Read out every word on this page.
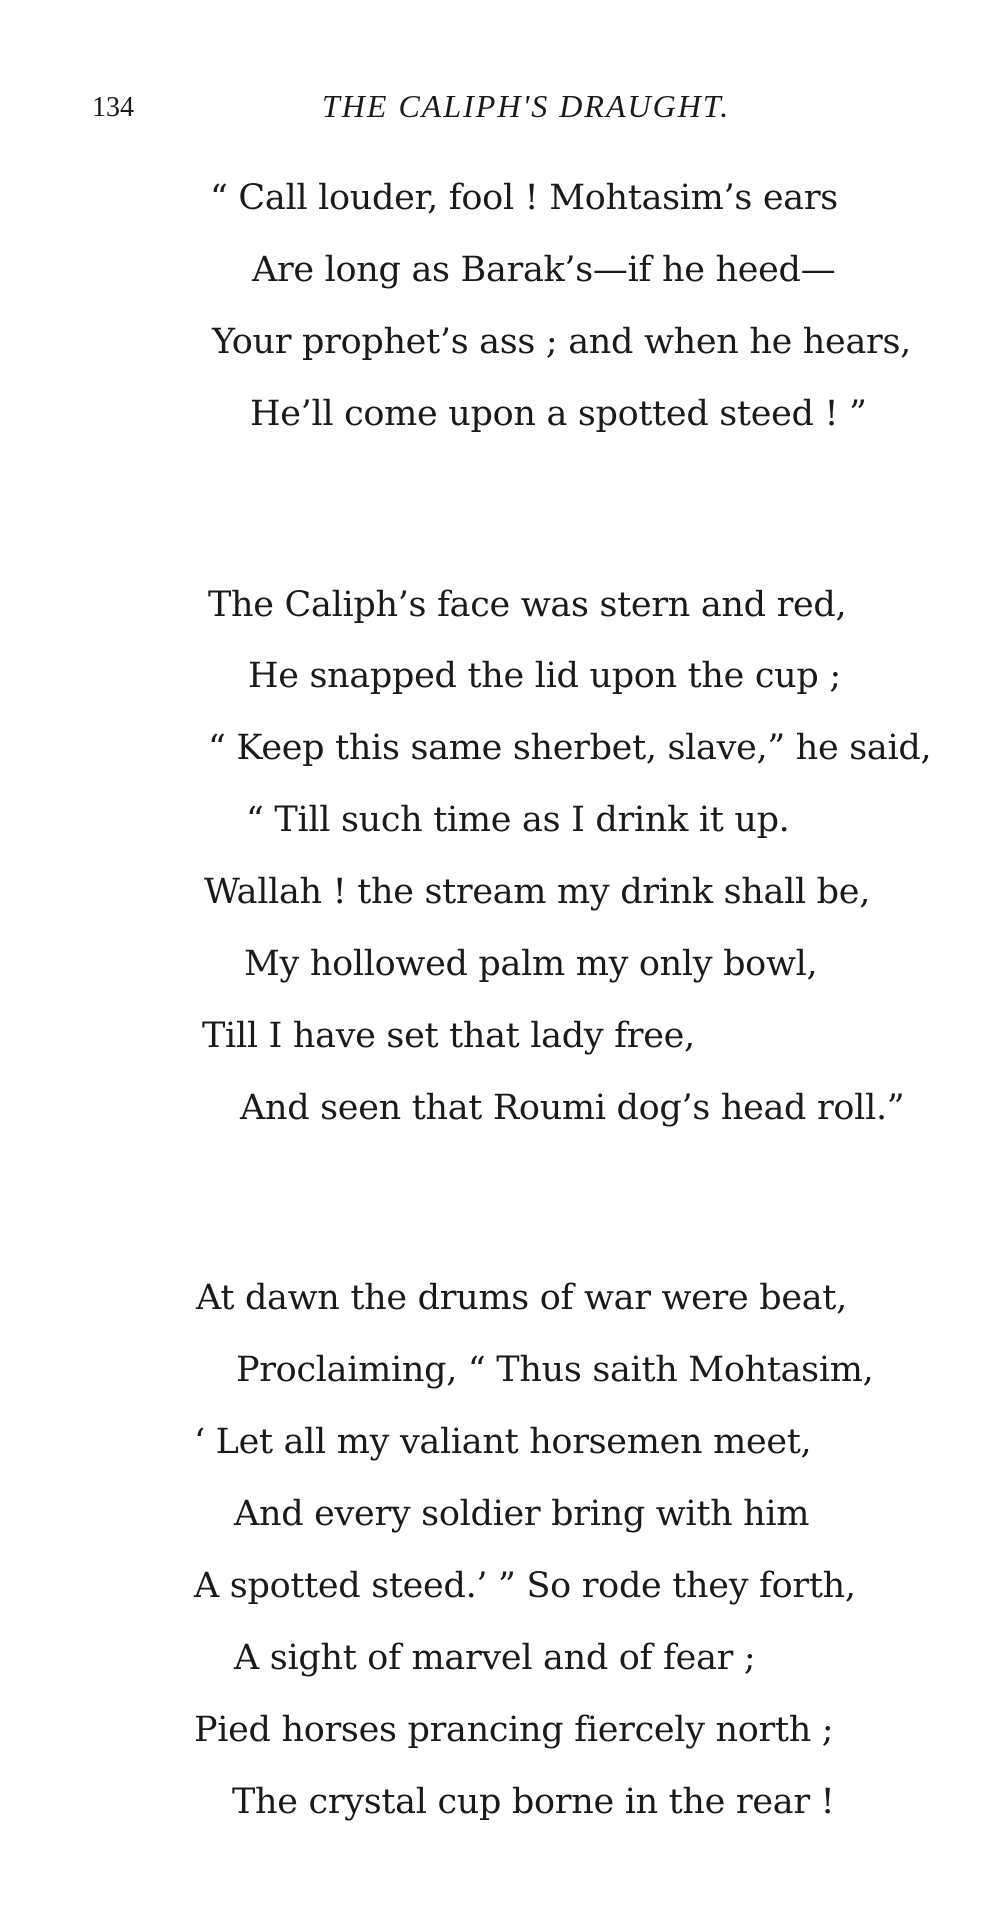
134	THE CALIPH'S DRAUGHT.
“ Call louder, fool ! Mohtasim’s ears
Are long as Barak’s—if he heed—
Your prophet’s ass ; and when he hears,
He’ll come upon a spotted steed ! ”
The Caliph’s face was stern and red,
He snapped the lid upon the cup ;
“ Keep this same sherbet, slave,” he said,
“ Till such time as I drink it up.
Wallah ! the stream my drink shall be,
My hollowed palm my only bowl,
Till I have set that lady free,
And seen that Roumi dog’s head roll.”
At dawn the drums of war were beat,
Proclaiming, “ Thus saith Mohtasim,
‘ Let all my valiant horsemen meet,
And every soldier bring with him
A spotted steed.’ ” So rode they forth,
A sight of marvel and of fear ;
Pied horses prancing fiercely north ;
The crystal cup borne in the rear !
